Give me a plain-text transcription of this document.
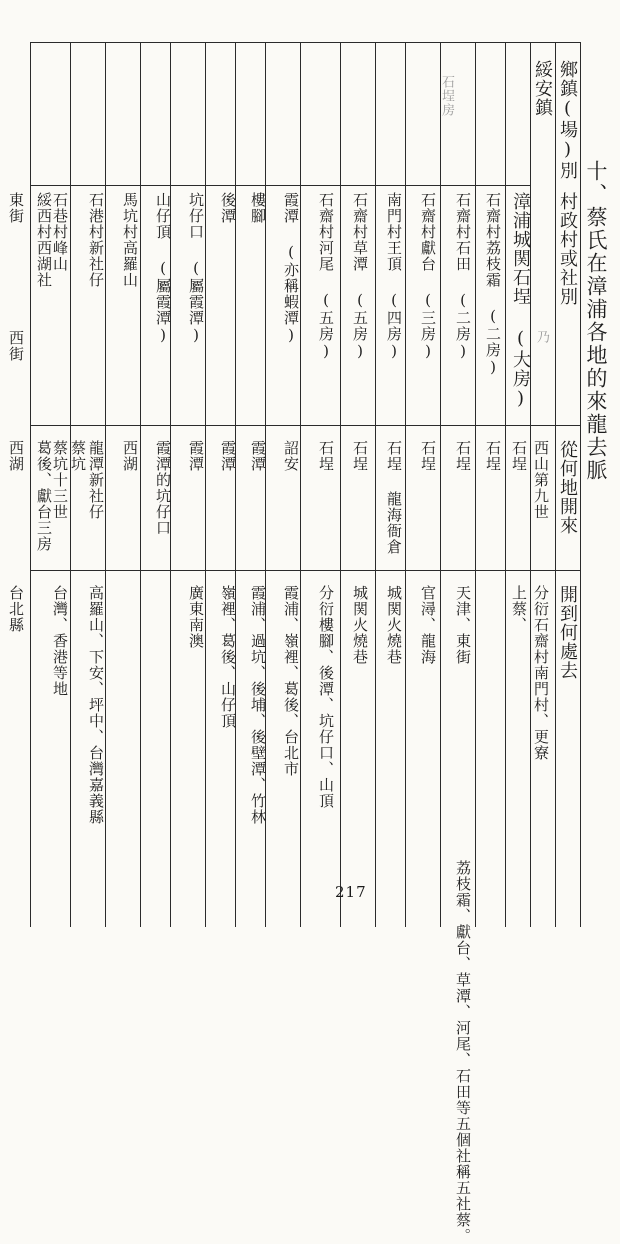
十、蔡氏在漳浦各地的來龍去脈
鄉鎮(場)別
綏安鎮
村政村或社別
從何地開來
開到何處去
石埕房
乃
漳浦城関石埕 (大房)
石齋村荔枝霜 (二房)
石齋村石田 (二房)
石齋村獻台 (三房)
南門村王頂 (四房)
石齋村草潭 (五房)
石齋村河尾 (五房)
霞潭 (亦稱蝦潭)
樓腳
後潭
坑仔口 (屬霞潭)
山仔頂 (屬霞潭)
馬坑村高羅山
石港村新社仔
石巷村峰山
綏西村西湖社
東街
西街
西山第九世
石埕
石埕
石埕
石埕
石埕 龍海衙倉
石埕
石埕
詔安
霞潭
霞潭
霞潭
霞潭的坑仔口
西湖
龍潭新社仔
蔡坑
蔡坑十三世
葛後、獻台三房
西湖
分衍石齋村南門村、更寮
上蔡、
天津、東街
官潯、龍海
城関火燒巷
城関火燒巷
分衍樓腳、後潭、坑仔口、山頂
霞浦、嶺裡、葛後、台北市
霞浦、過坑、後埔、後壁潭、竹林
嶺裡、葛後、山仔頂
廣東南澳
高羅山、下安、坪中、台灣嘉義縣
台灣、香港等地
台北縣
荔枝霜、獻台、草潭、河尾、石田等五個社稱五社蔡。
217
